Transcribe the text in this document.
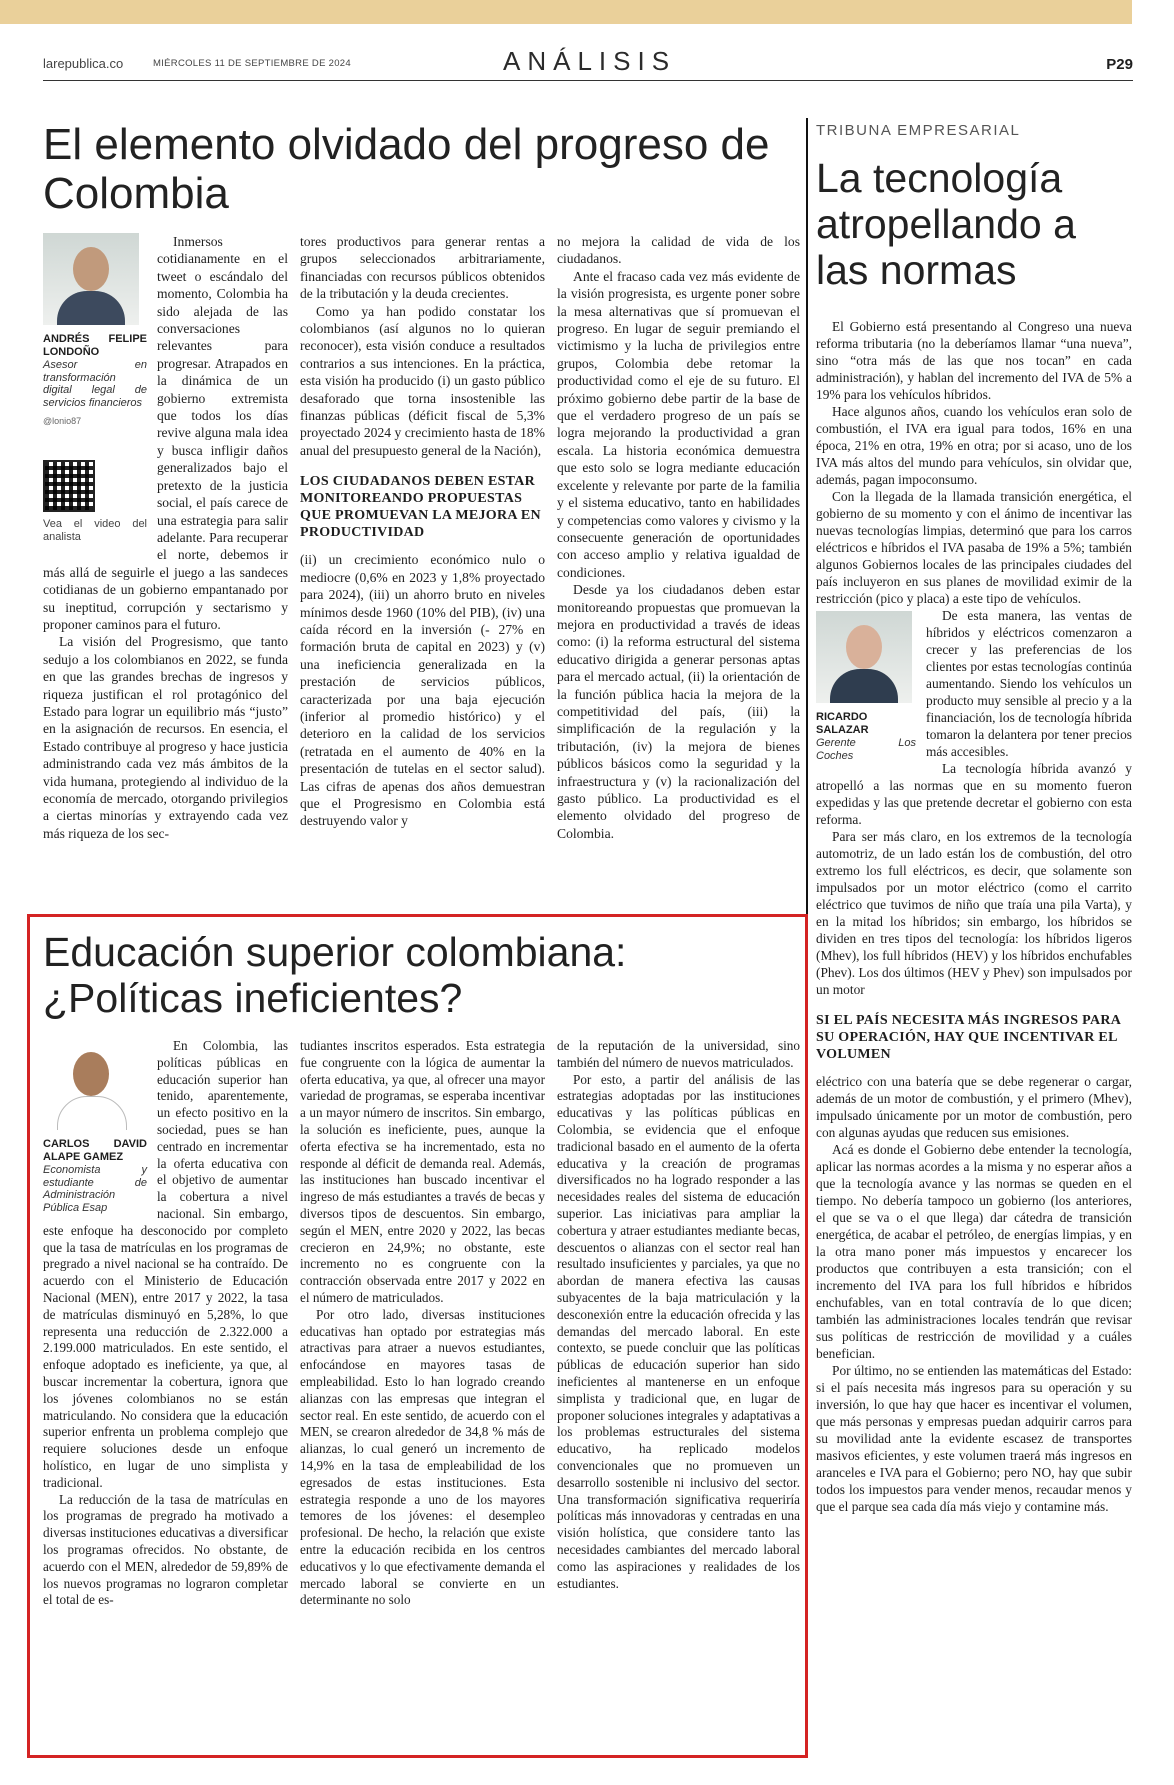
larepublica.co	MIÉRCOLES 11 DE SEPTIEMBRE DE 2024	ANÁLISIS	P29
El elemento olvidado del progreso de Colombia
ANDRÉS FELIPE LONDOÑO
Asesor en transformación digital legal de servicios financieros
@lonio87
Vea el video del analista

Inmersos cotidianamente en el tweet o escándalo del momento, Colombia ha sido alejada de las conversaciones relevantes para progresar. Atrapados en la dinámica de un gobierno extremista que todos los días revive alguna mala idea y busca infligir daños generalizados bajo el pretexto de la justicia social, el país carece de una estrategia para salir adelante. Para recuperar el norte, debemos ir más allá de seguirle el juego a las sandeces cotidianas de un gobierno empantanado por su ineptitud, corrupción y sectarismo y proponer caminos para el futuro.

La visión del Progresismo, que tanto sedujo a los colombianos en 2022, se funda en que las grandes brechas de ingresos y riqueza justifican el rol protagónico del Estado para lograr un equilibrio más “justo” en la asignación de recursos. En esencia, el Estado contribuye al progreso y hace justicia administrando cada vez más ámbitos de la vida humana, protegiendo al individuo de la economía de mercado, otorgando privilegios a ciertas minorías y extrayendo cada vez más riqueza de los sec-

tores productivos para generar rentas a grupos seleccionados arbitrariamente, financiadas con recursos públicos obtenidos de la tributación y la deuda crecientes.

Como ya han podido constatar los colombianos (así algunos no lo quieran reconocer), esta visión conduce a resultados contrarios a sus intenciones. En la práctica, esta visión ha producido (i) un gasto público desaforado que torna insostenible las finanzas públicas (déficit fiscal de 5,3% proyectado 2024 y crecimiento hasta de 18% anual del presupuesto general de la Nación),

LOS CIUDADANOS DEBEN ESTAR MONITOREANDO PROPUESTAS QUE PROMUEVAN LA MEJORA EN PRODUCTIVIDAD

(ii) un crecimiento económico nulo o mediocre (0,6% en 2023 y 1,8% proyectado para 2024), (iii) un ahorro bruto en niveles mínimos desde 1960 (10% del PIB), (iv) una caída récord en la inversión (- 27% en formación bruta de capital en 2023) y (v) una ineficiencia generalizada en la prestación de servicios públicos, caracterizada por una baja ejecución (inferior al promedio histórico) y el deterioro en la calidad de los servicios (retratada en el aumento de 40% en la presentación de tutelas en el sector salud). Las cifras de apenas dos años demuestran que el Progresismo en Colombia está destruyendo valor y

no mejora la calidad de vida de los ciudadanos.

Ante el fracaso cada vez más evidente de la visión progresista, es urgente poner sobre la mesa alternativas que sí promuevan el progreso. En lugar de seguir premiando el victimismo y la lucha de privilegios entre grupos, Colombia debe retomar la productividad como el eje de su futuro. El próximo gobierno debe partir de la base de que el verdadero progreso de un país se logra mejorando la productividad a gran escala. La historia económica demuestra que esto solo se logra mediante educación excelente y relevante por parte de la familia y el sistema educativo, tanto en habilidades y competencias como valores y civismo y la consecuente generación de oportunidades con acceso amplio y relativa igualdad de condiciones.

Desde ya los ciudadanos deben estar monitoreando propuestas que promuevan la mejora en productividad a través de ideas como: (i) la reforma estructural del sistema educativo dirigida a generar personas aptas para el mercado actual, (ii) la orientación de la función pública hacia la mejora de la competitividad del país, (iii) la simplificación de la regulación y la tributación, (iv) la mejora de bienes públicos básicos como la seguridad y la infraestructura y (v) la racionalización del gasto público. La productividad es el elemento olvidado del progreso de Colombia.

Educación superior colombiana: ¿Políticas ineficientes?
CARLOS DAVID ALAPE GAMEZ
Economista y estudiante de Administración Pública Esap

En Colombia, las políticas públicas en educación superior han tenido, aparentemente, un efecto positivo en la sociedad, pues se han centrado en incrementar la oferta educativa con el objetivo de aumentar la cobertura a nivel nacional. Sin embargo, este enfoque ha desconocido por completo que la tasa de matrículas en los programas de pregrado a nivel nacional se ha contraído. De acuerdo con el Ministerio de Educación Nacional (MEN), entre 2017 y 2022, la tasa de matrículas disminuyó en 5,28%, lo que representa una reducción de 2.322.000 a 2.199.000 matriculados. En este sentido, el enfoque adoptado es ineficiente, ya que, al buscar incrementar la cobertura, ignora que los jóvenes colombianos no se están matriculando. No considera que la educación superior enfrenta un problema complejo que requiere soluciones desde un enfoque holístico, en lugar de uno simplista y tradicional.

La reducción de la tasa de matrículas en los programas de pregrado ha motivado a diversas instituciones educativas a diversificar los programas ofrecidos. No obstante, de acuerdo con el MEN, alrededor de 59,89% de los nuevos programas no lograron completar el total de es-

tudiantes inscritos esperados. Esta estrategia fue congruente con la lógica de aumentar la oferta educativa, ya que, al ofrecer una mayor variedad de programas, se esperaba incentivar a un mayor número de inscritos. Sin embargo, la solución es ineficiente, pues, aunque la oferta efectiva se ha incrementado, esta no responde al déficit de demanda real. Además, las instituciones han buscado incentivar el ingreso de más estudiantes a través de becas y diversos tipos de descuentos. Sin embargo, según el MEN, entre 2020 y 2022, las becas crecieron en 24,9%; no obstante, este incremento no es congruente con la contracción observada entre 2017 y 2022 en el número de matriculados.

Por otro lado, diversas instituciones educativas han optado por estrategias más atractivas para atraer a nuevos estudiantes, enfocándose en mayores tasas de empleabilidad. Esto lo han logrado creando alianzas con las empresas que integran el sector real. En este sentido, de acuerdo con el MEN, se crearon alrededor de 34,8 % más de alianzas, lo cual generó un incremento de 14,9% en la tasa de empleabilidad de los egresados de estas instituciones. Esta estrategia responde a uno de los mayores temores de los jóvenes: el desempleo profesional. De hecho, la relación que existe entre la educación recibida en los centros educativos y lo que efectivamente demanda el mercado laboral se convierte en un determinante no solo

de la reputación de la universidad, sino también del número de nuevos matriculados.

Por esto, a partir del análisis de las estrategias adoptadas por las instituciones educativas y las políticas públicas en Colombia, se evidencia que el enfoque tradicional basado en el aumento de la oferta educativa y la creación de programas diversificados no ha logrado responder a las necesidades reales del sistema de educación superior. Las iniciativas para ampliar la cobertura y atraer estudiantes mediante becas, descuentos o alianzas con el sector real han resultado insuficientes y parciales, ya que no abordan de manera efectiva las causas subyacentes de la baja matriculación y la desconexión entre la educación ofrecida y las demandas del mercado laboral. En este contexto, se puede concluir que las políticas públicas de educación superior han sido ineficientes al mantenerse en un enfoque simplista y tradicional que, en lugar de proponer soluciones integrales y adaptativas a los problemas estructurales del sistema educativo, ha replicado modelos convencionales que no promueven un desarrollo sostenible ni inclusivo del sector. Una transformación significativa requeriría políticas más innovadoras y centradas en una visión holística, que considere tanto las necesidades cambiantes del mercado laboral como las aspiraciones y realidades de los estudiantes.

TRIBUNA EMPRESARIAL
La tecnología atropellando a las normas

El Gobierno está presentando al Congreso una nueva reforma tributaria (no la deberíamos llamar “una nueva”, sino “otra más de las que nos tocan” en cada administración), y hablan del incremento del IVA de 5% a 19% para los vehículos híbridos.

Hace algunos años, cuando los vehículos eran solo de combustión, el IVA era igual para todos, 16% en una época, 21% en otra, 19% en otra; por si acaso, uno de los IVA más altos del mundo para vehículos, sin olvidar que, además, pagan impoconsumo.

Con la llegada de la llamada transición energética, el gobierno de su momento y con el ánimo de incentivar las nuevas tecnologías limpias, determinó que para los carros eléctricos e híbridos el IVA pasaba de 19% a 5%; también algunos Gobiernos locales de las principales ciudades del país incluyeron en sus planes de movilidad eximir de la restricción (pico y placa) a este tipo de vehículos.

RICARDO SALAZAR
Gerente Los Coches

De esta manera, las ventas de híbridos y eléctricos comenzaron a crecer y las preferencias de los clientes por estas tecnologías continúa aumentando. Siendo los vehículos un producto muy sensible al precio y a la financiación, los de tecnología híbrida tomaron la delantera por tener precios más accesibles.

La tecnología híbrida avanzó y atropelló a las normas que en su momento fueron expedidas y las que pretende decretar el gobierno con esta reforma.

Para ser más claro, en los extremos de la tecnología automotriz, de un lado están los de combustión, del otro extremo los full eléctricos, es decir, que solamente son impulsados por un motor eléctrico (como el carrito eléctrico que tuvimos de niño que traía una pila Varta), y en la mitad los híbridos; sin embargo, los híbridos se dividen en tres tipos del tecnología: los híbridos ligeros (Mhev), los full híbridos (HEV) y los híbridos enchufables (Phev). Los dos últimos (HEV y Phev) son impulsados por un motor

SI EL PAÍS NECESITA MÁS INGRESOS PARA SU OPERACIÓN, HAY QUE INCENTIVAR EL VOLUMEN

eléctrico con una batería que se debe regenerar o cargar, además de un motor de combustión, y el primero (Mhev), impulsado únicamente por un motor de combustión, pero con algunas ayudas que reducen sus emisiones.

Acá es donde el Gobierno debe entender la tecnología, aplicar las normas acordes a la misma y no esperar años a que la tecnología avance y las normas se queden en el tiempo. No debería tampoco un gobierno (los anteriores, el que se va o el que llega) dar cátedra de transición energética, de acabar el petróleo, de energías limpias, y en la otra mano poner más impuestos y encarecer los productos que contribuyen a esta transición; con el incremento del IVA para los full híbridos e híbridos enchufables, van en total contravía de lo que dicen; también las administraciones locales tendrán que revisar sus políticas de restricción de movilidad y a cuáles benefician.

Por último, no se entienden las matemáticas del Estado: si el país necesita más ingresos para su operación y su inversión, lo que hay que hacer es incentivar el volumen, que más personas y empresas puedan adquirir carros para su movilidad ante la evidente escasez de transportes masivos eficientes, y este volumen traerá más ingresos en aranceles e IVA para el Gobierno; pero NO, hay que subir todos los impuestos para vender menos, recaudar menos y que el parque sea cada día más viejo y contamine más.
